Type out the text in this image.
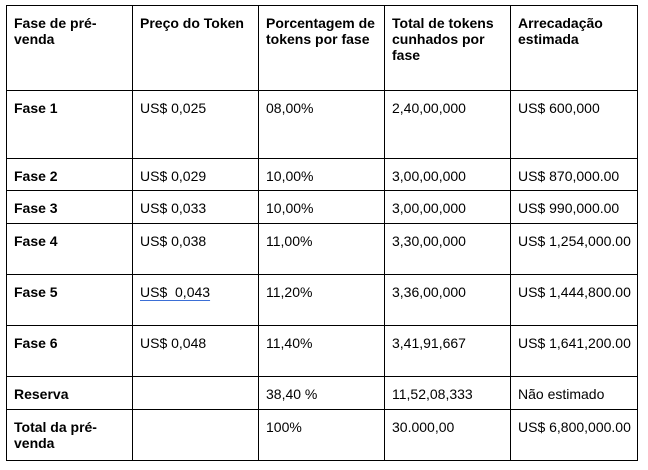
Fase de pré-venda	Preço do Token	Porcentagem de tokens por fase	Total de tokens cunhados por fase	Arrecadação estimada
Fase 1	US$ 0,025	08,00%	2,40,00,000	US$ 600,000
Fase 2	US$ 0,029	10,00%	3,00,00,000	US$ 870,000.00
Fase 3	US$ 0,033	10,00%	3,00,00,000	US$ 990,000.00
Fase 4	US$ 0,038	11,00%	3,30,00,000	US$ 1,254,000.00
Fase 5	US$  0,043	11,20%	3,36,00,000	US$ 1,444,800.00
Fase 6	US$ 0,048	11,40%	3,41,91,667	US$ 1,641,200.00
Reserva		38,40 %	11,52,08,333	Não estimado
Total da pré-venda		100%	30.000,00	US$ 6,800,000.00
